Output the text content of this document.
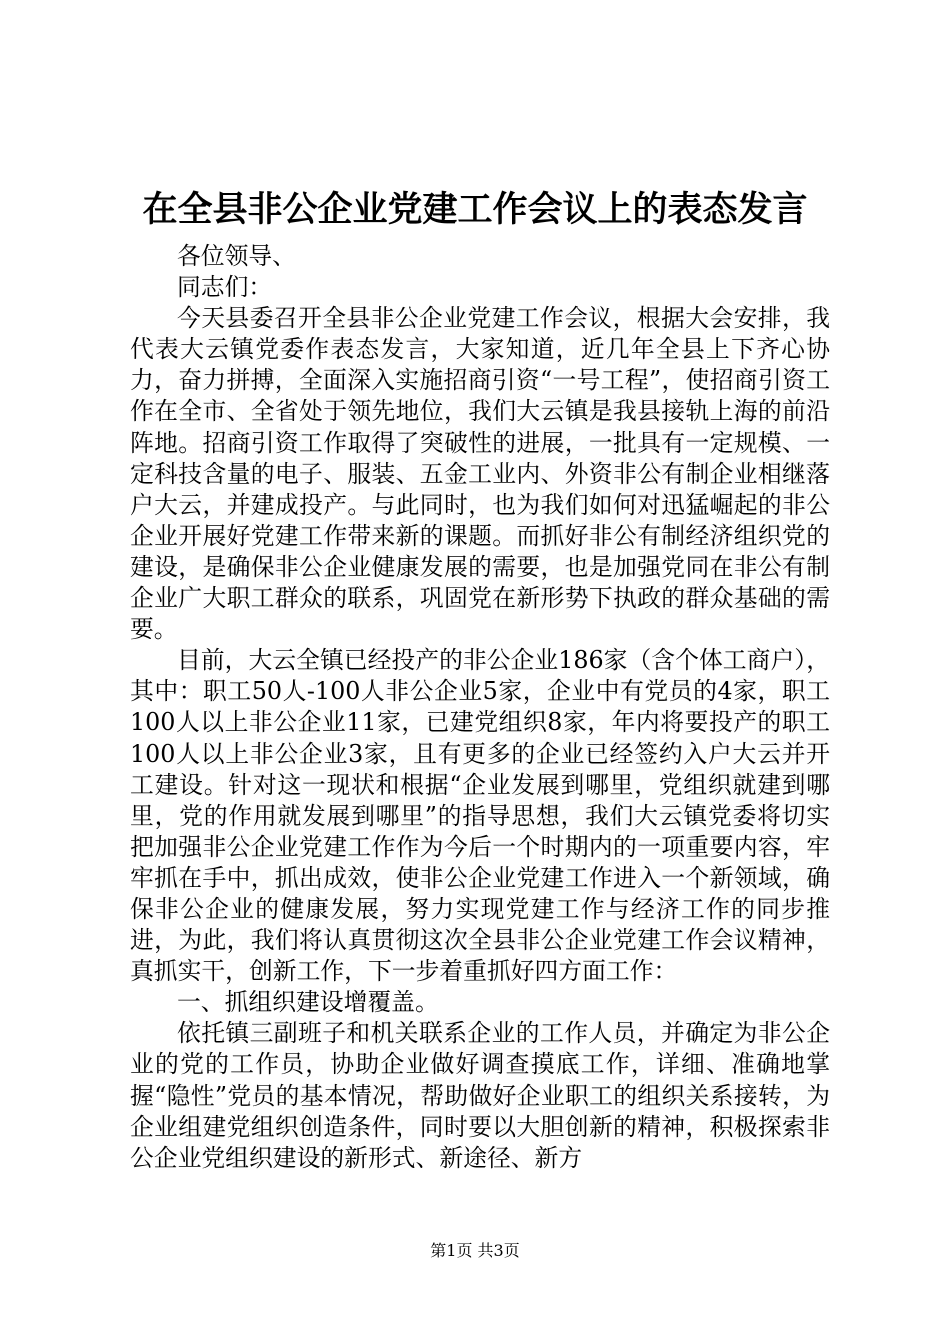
在全县非公企业党建工作会议上的表态发言

各位领导、

同志们：

今天县委召开全县非公企业党建工作会议，根据大会安排，我代表大云镇党委作表态发言，大家知道，近几年全县上下齐心协力，奋力拼搏，全面深入实施招商引资“一号工程”，使招商引资工作在全市、全省处于领先地位，我们大云镇是我县接轨上海的前沿阵地。招商引资工作取得了突破性的进展，一批具有一定规模、一定科技含量的电子、服装、五金工业内、外资非公有制企业相继落户大云，并建成投产。与此同时，也为我们如何对迅猛崛起的非公企业开展好党建工作带来新的课题。而抓好非公有制经济组织党的建设，是确保非公企业健康发展的需要，也是加强党同在非公有制企业广大职工群众的联系，巩固党在新形势下执政的群众基础的需要。

目前，大云全镇已经投产的非公企业186家（含个体工商户），其中：职工50人-100人非公企业5家，企业中有党员的4家，职工100人以上非公企业11家，已建党组织8家，年内将要投产的职工100人以上非公企业3家，且有更多的企业已经签约入户大云并开工建设。针对这一现状和根据“企业发展到哪里，党组织就建到哪里，党的作用就发展到哪里”的指导思想，我们大云镇党委将切实把加强非公企业党建工作作为今后一个时期内的一项重要内容，牢牢抓在手中，抓出成效，使非公企业党建工作进入一个新领域，确保非公企业的健康发展，努力实现党建工作与经济工作的同步推进，为此，我们将认真贯彻这次全县非公企业党建工作会议精神，真抓实干，创新工作，下一步着重抓好四方面工作：

一、抓组织建设增覆盖。

依托镇三副班子和机关联系企业的工作人员，并确定为非公企业的党的工作员，协助企业做好调查摸底工作，详细、准确地掌握“隐性”党员的基本情况，帮助做好企业职工的组织关系接转，为企业组建党组织创造条件，同时要以大胆创新的精神，积极探索非公企业党组织建设的新形式、新途径、新方

第1页 共3页
